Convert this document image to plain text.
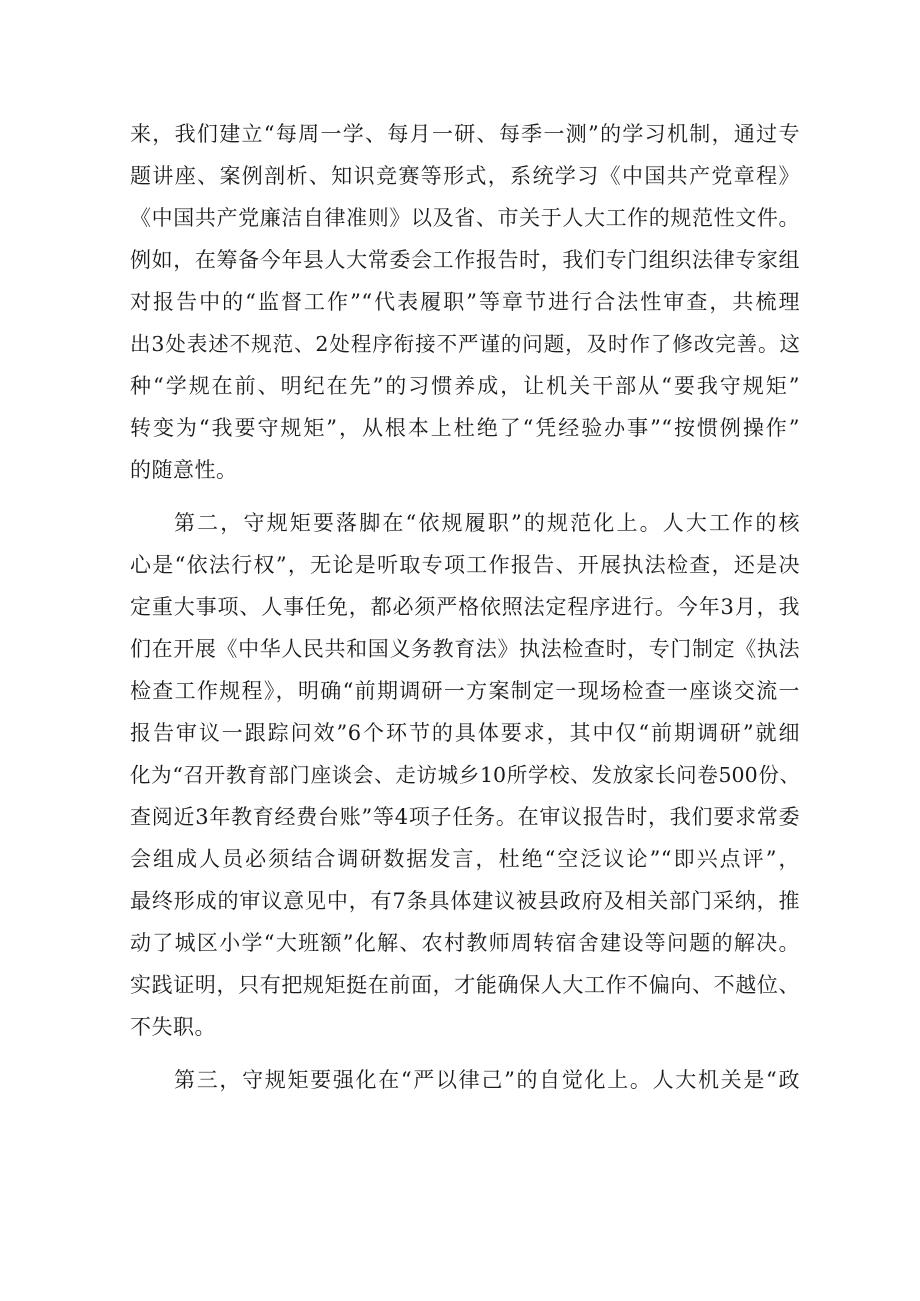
来，我们建立“每周一学、每月一研、每季一测”的学习机制，通过专
题讲座、案例剖析、知识竞赛等形式，系统学习《中国共产党章程》
《中国共产党廉洁自律准则》以及省、市关于人大工作的规范性文件。
例如，在筹备今年县人大常委会工作报告时，我们专门组织法律专家组
对报告中的“监督工作”“代表履职”等章节进行合法性审查，共梳理
出3处表述不规范、2处程序衔接不严谨的问题，及时作了修改完善。这
种“学规在前、明纪在先”的习惯养成，让机关干部从“要我守规矩”
转变为“我要守规矩”，从根本上杜绝了“凭经验办事”“按惯例操作”
的随意性。
第二，守规矩要落脚在“依规履职”的规范化上。人大工作的核
心是“依法行权”，无论是听取专项工作报告、开展执法检查，还是决
定重大事项、人事任免，都必须严格依照法定程序进行。今年3月，我
们在开展《中华人民共和国义务教育法》执法检查时，专门制定《执法
检查工作规程》，明确“前期调研一方案制定一现场检查一座谈交流一
报告审议一跟踪问效”6个环节的具体要求，其中仅“前期调研”就细
化为“召开教育部门座谈会、走访城乡10所学校、发放家长问卷500份、
查阅近3年教育经费台账”等4项子任务。在审议报告时，我们要求常委
会组成人员必须结合调研数据发言，杜绝“空泛议论”“即兴点评”，
最终形成的审议意见中，有7条具体建议被县政府及相关部门采纳，推
动了城区小学“大班额”化解、农村教师周转宿舍建设等问题的解决。
实践证明，只有把规矩挺在前面，才能确保人大工作不偏向、不越位、
不失职。
第三，守规矩要强化在“严以律己”的自觉化上。人大机关是“政
